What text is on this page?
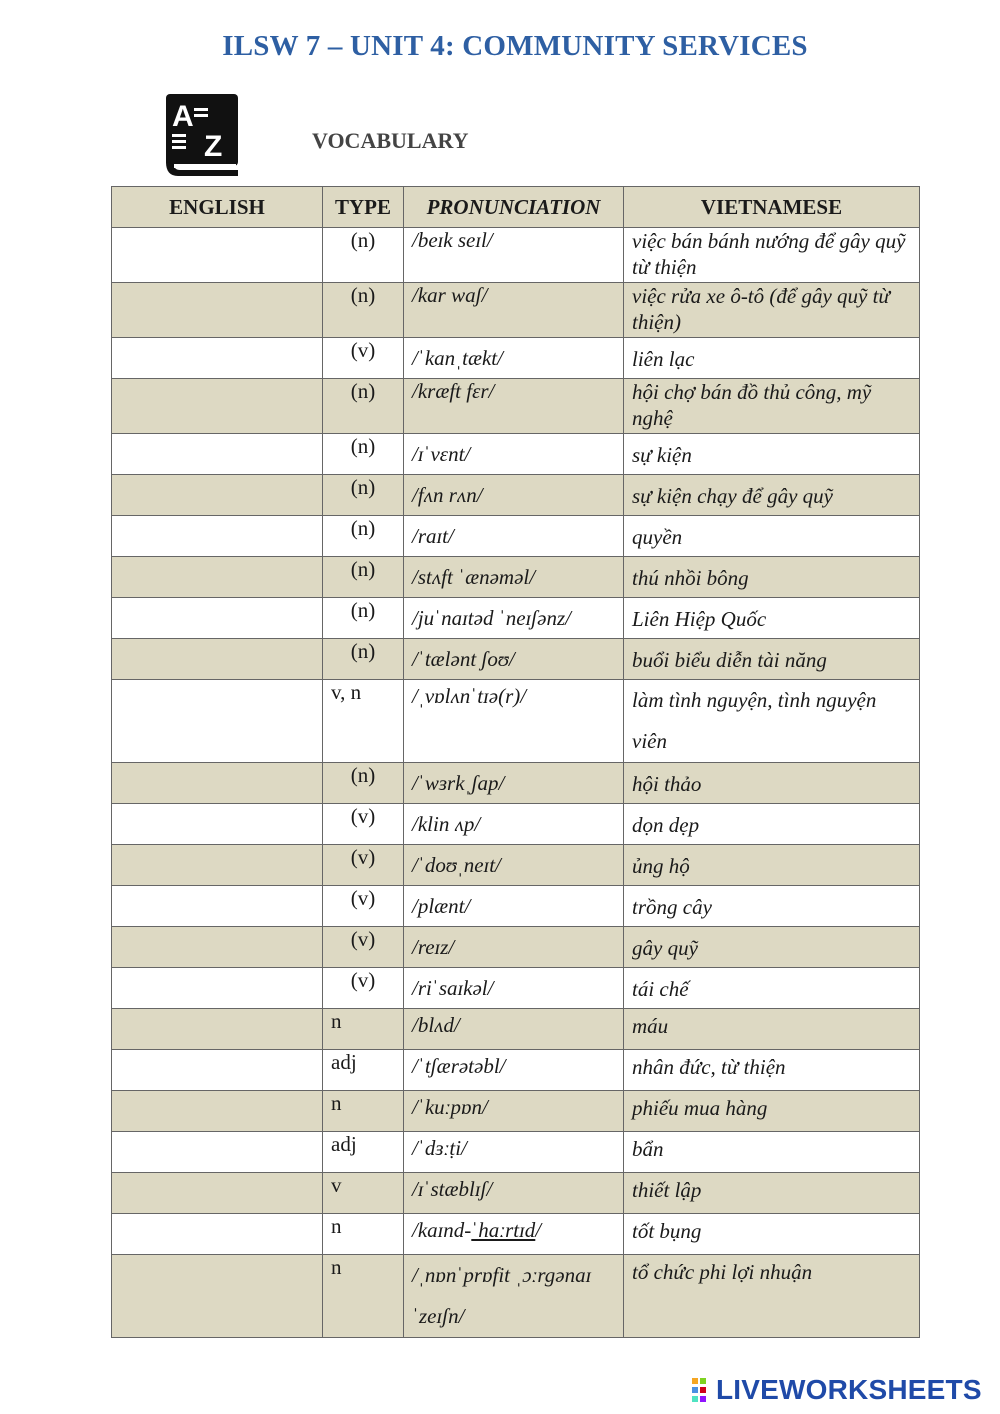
ILSW 7 – UNIT 4: COMMUNITY SERVICES
A
Z	VOCABULARY
ENGLISH	TYPE	PRONUNCIATION	VIETNAMESE
	(n)	/beɪk seɪl/	việc bán bánh nướng để gây quỹ từ thiện
	(n)	/kar waʃ/	việc rửa xe ô-tô (để gây quỹ từ thiện)
	(v)	/ˈkanˌtækt/	liên lạc
	(n)	/kræft fɛr/	hội chợ bán đồ thủ công, mỹ nghệ
	(n)	/ɪˈvɛnt/	sự kiện
	(n)	/fʌn rʌn/	sự kiện chạy để gây quỹ
	(n)	/raɪt/	quyền
	(n)	/stʌft ˈænəməl/	thú nhồi bông
	(n)	/juˈnaɪtəd ˈneɪʃənz/	Liên Hiệp Quốc
	(n)	/ˈtælənt ʃoʊ/	buổi biểu diễn tài năng
	v, n	/ˌvɒlʌnˈtɪə(r)/	làm tình nguyện, tình nguyện viên
	(n)	/ˈwɜrkˌʃap/	hội thảo
	(v)	/klin ʌp/	dọn dẹp
	(v)	/ˈdoʊˌneɪt/	ủng hộ
	(v)	/plænt/	trồng cây
	(v)	/reɪz/	gây quỹ
	(v)	/riˈsaɪkəl/	tái chế
	n	/blʌd/	máu
	adj	/ˈtʃærətəbl/	nhân đức, từ thiện
	n	/ˈkuːpɒn/	phiếu mua hàng
	adj	/ˈdɜːṭi/	bẩn
	v	/ɪˈstæblɪʃ/	thiết lập
	n	/kaɪnd-ˈhaːrtɪd/	tốt bụng
	n	/ˌnɒnˈprɒfit ˌɔːrgənaɪˈzeɪʃn/	tổ chức phi lợi nhuận
LIVEWORKSHEETS
